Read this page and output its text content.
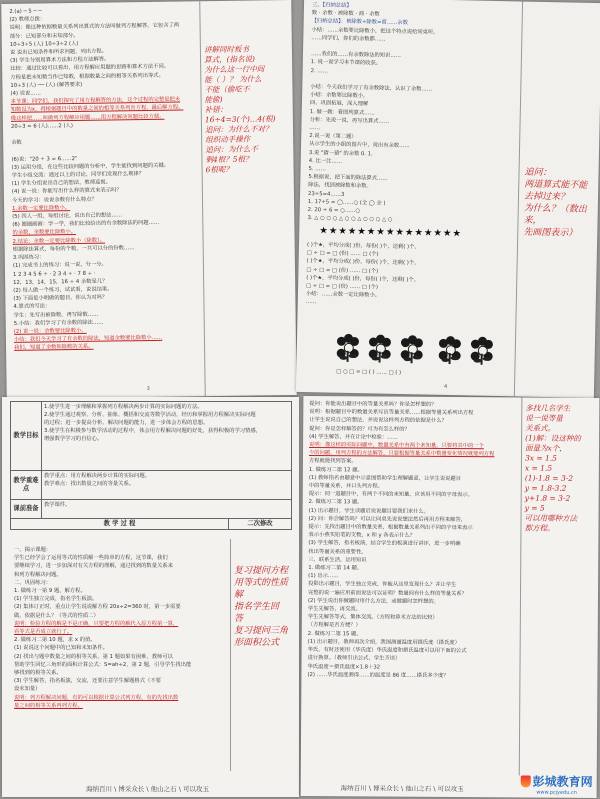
2.(a) ─ 5 ─ ─
(2) 教师点拨：
说明：像这种依据数量关系列出算式的方法叫做列方程解答，它包含了两
部分：已知部分和未知部分。
10÷3÷5 (人) 10÷3÷2 (人)
说 说出已知条件和所求问题，列出方程。
(3) 学生分别用算术方法和方程方法解答。
比较：通过比较可以看出，用方程解应用题的思路和算术方法不同。
方程是把未知数当作已知数，根据数量之间的相等关系列出等式。
10÷3 (人) ── (人) (解答要求)
(4) 说说……
本节课：同学们，我们探究了用方程解答的方法，这个过程的完整是把未
知数设为x，再根据题目中的数量之间的相等关系列出方程，最后解方程。
像这样把……叫做列方程解应用题……用方程解决问题比较方便。
20÷3 ≈ 6 (人)……2 (人)

余数

(6)说："20 ÷ 3 = 6……2"
(3) 运用分组，在这些比较问题的分析中，学生能找到问题的关键。
学生小组交流：通过以上的讨论，同学们发现什么规律？
(1) 学生分组说出自己的想法，教师巡视。
(4) 说一说：你能写出什么样的算式来表示吗？
今天的学习：说说余数有什么特点？
1.余数一定要比除数小。
(5) 四人一组，每组讨论，说出自己的想法……
(6) 圈圈画画：学一学，我们比较给出的有余数除法的问题……
的余数，余数要比除数小。
2.结论：余数一定要比除数小（除数）。
根据除法算式，每份的个数，一共可以分的份数……
3.巩固练习：
(1) 完成书上的练习：说一说，分一分。
1 2 3 4 5 6 ÷ · 2 3 4 ÷ · 7 8 ÷ ·
12，13，14，15，16 ÷ 4 余数是几？
(2) 每人做一个练习，试试看，说说结果。
(3) 下面是小明做的题目，你认为对吗？
4.算式的写法：
学生：先写出被除数，再写除数……
5.小结：我们学习了有余数的除法……
(2) 说一说：余数要比除数小。
小结：我们今天学习了有余数的除法，知道余数要比除数小……
我们，知道了余数和除数的关系。
讲解同时板书
算式，(指名说)
为什么这一行中间
能（ ）？ 为什么
不能（偷吃不
能偷)
补错：
16÷4=3(个)…4(根)
追问：为什么不对？
组织动手操作
追问：为什么不
剩4根？5根？
6根呢？
3
三、【归纳总结】
数 · 余数 · 被除数 · 商 · 余数
【归纳总结】：被除数÷除数=商……余数
小结：……余数要比除数小，把这个特点说给同桌听。
……同学们，你们的余数都……

……我们的……有余数除法的知识……
1. 说一说学习本节课的收获。
2. ……

小结：今天我们学习了有余数除法，认识了余数……
小结：余数要比除数小。
四、巩固拓展，深入理解
1. 做一做：看图列算式……
分析：先说一说，再写出算式……
……
2.说一说（第二题）
从示学生的小组的图片中，说出有余数……
3.说 "猜一猜" 的余数 0. 1.
4. 比一比……
5. ……
5.根据说，把下面的除法算式……
除法，找到被除数和余数。
23÷5=4……3
1. 17÷5 = ◯……○ (全 ◯ 余 )
2. 20 ÷ 6 = ○……○
3. △ ○ ○ ○ △ ○ ○ △ ○ ○ ○ △ ○
★★★★★★★★★★★★★★★
( )个★，平均分成( )份，每份( )个，还剩( )个。
□ ÷ □ = □ (份) …… □ (个)
( )个★，平均分成( )份，每份( )个，还剩( )个。
□ ÷ □ = □ (份) …… □ (个)
( )个★，平均分成( )份，每份( )个，还剩( )个。
□ ÷ □ = □ (份) …… □ (个)
小结：……余数一定比除数小。
……
□ ○ □ = □ ( ) …… □ ( )
追问：
两道算式能不能
去掉过来？
为什么？（数出来，
先画图表示）
4
教学目标	1.使学生进一步理解和掌握列方程解决两步计算的实际问题的方法。
2.使学生通过观察、分析、抽象、概括和交流等数学活动，经历和掌握用方程解决实际问题
的过程；进一步提高分析、解决问题的能力，进一步体会方程的思想。
3.使学生在积极参与数学活动的过程中，体会用方程解决问题的好处，获得积极的学习情感，
增强数学学习的自信心。	

教学重难点	教学重点：用方程解决两步计算的实际问题。
教学难点：找出数量之间的等量关系。	

课前准备	教学课件。	
教 学 过 程		二次修改
一、揭示课题：
学生已经学会了运用等式的性质解一些简单的方程，这节课，我们
要继续学习，进一步加深对有关方程的理解，通过找到的数量关系来
和列方程解决问题。
二、巩固练习：
1. 做练习一第 9 题，解方程。
(1) 学生独立完成，指名学生板演。
(2) 集体订正时，重点让学生说说解方程 20x÷2=360 时，第一步需要
做，依据是什么？（等式的性质二）
说明：检验方程的解是不是正确，只要把方程的解代入原方程第一算，
看等式是否成立就行了。
2. 做练习二第 10 题，求 x 的值。
(1) 说说这个问题中的已知和未知条件。
(2) 找出与题中数量之间的相等关系，第 1 题如果有困难，教师可以
帮助学生回忆三角形的面积计算公式：S=ah÷2，第 2 题，引导学生找出能
够找到的相等关系。
(3) 学生解答，指名板演，交流，还要注意学生解题格式（不要
设未知量）
说明：列方程解决问题，有的可以根据计算公式列方程，有的先找出数
量之间的相等关系再列方程。
复习提问方程
用等式的性质解
指名学生回
答
复习提问三角
形面积公式
海纳百川 \ 博采众长 \ 他山之石 \ 可以攻玉
提问：你能说出题目中的等量关系吗？你是怎样想的？
说明：根据题目中的数量关系写出等量关系……根据等量关系列出方程
让学生说说自己的想法，并说说这样列方程的依据是什么？
提问：你是怎样解答的？可为有怎么样的？
(4) 学生解答，并在计论中检验：……
说明：像这样的实际问题中，数量关系中有两个未知量，只要将其中的一个
少的问题，用列方程的方法解答，只要根据等量关系中数量变化情况就能列方程
方程就能找到答案。
1. 做练习二第 12 题。
(1) 教师指名由题意中示意图帮助学生理解题意，让学生说说题目
中的等量关系，并口头列方程。
提示：同一道题目中，有两个不同的未知量，应该用不同的字母表示。
2. 做练习二第 13 题。
(1) 出示题目，学生读题后说说题目要我们求什么。
(2) 问：你会解答吗？可以让同桌先说说想法然后再用方程来解答，
提示：先找出题目中的数量关系，根据数量关系列出不同的字母来表示
表示小燕买铅笔的支数，x 和 y 各表示什么？
(3) 学生解答，指名板演，结合学生的板演进行讲评，进一步明确
找出等量关系的重要性。
三、联系生活，运用知识
1. 做练习二第 14 题。
(1) 出示……
投影出示题目，学生独立完成，你能从这里发现什么？并让学生
完整的说一遍应用前面说法可以证明？数量间有什么样的等量关系？
(2) 学生说出你做题时用什么方法，或做题时怎样想的。
学生先解答，再交流。
学生先解答等式，集体交流。（方程和算术方法的比较）
（方程解是否方便？）
2. 做练习二第 15 题。
(1) 出示题目，教师再次介绍，我国测量温度用摄氏度（摄氏度）
华氏，有时还使用（华氏度）华氏温度和摄氏温度可以用下面的公式
进行换算。（教师引出公式，学生齐读）
华氏温度＝摄氏温度×1.8＋32
(2) ……华氏温度测得……的温度是 86 度……摄氏多少度？
多找几名学生
说一说等量
关系式。
(1)解：设这种的
面量为x个，
3x = 1.5
x = 1.5
(1)-1.8 = 3-2
y = 1.8-3.2
y+1.8 = 3-2
y = 5
可以用哪种方法
都方程。
海纳百川 \ 博采众长 \ 他山之石 \ 可以攻玉	彭城教育网
www.pcjyedu.cn
